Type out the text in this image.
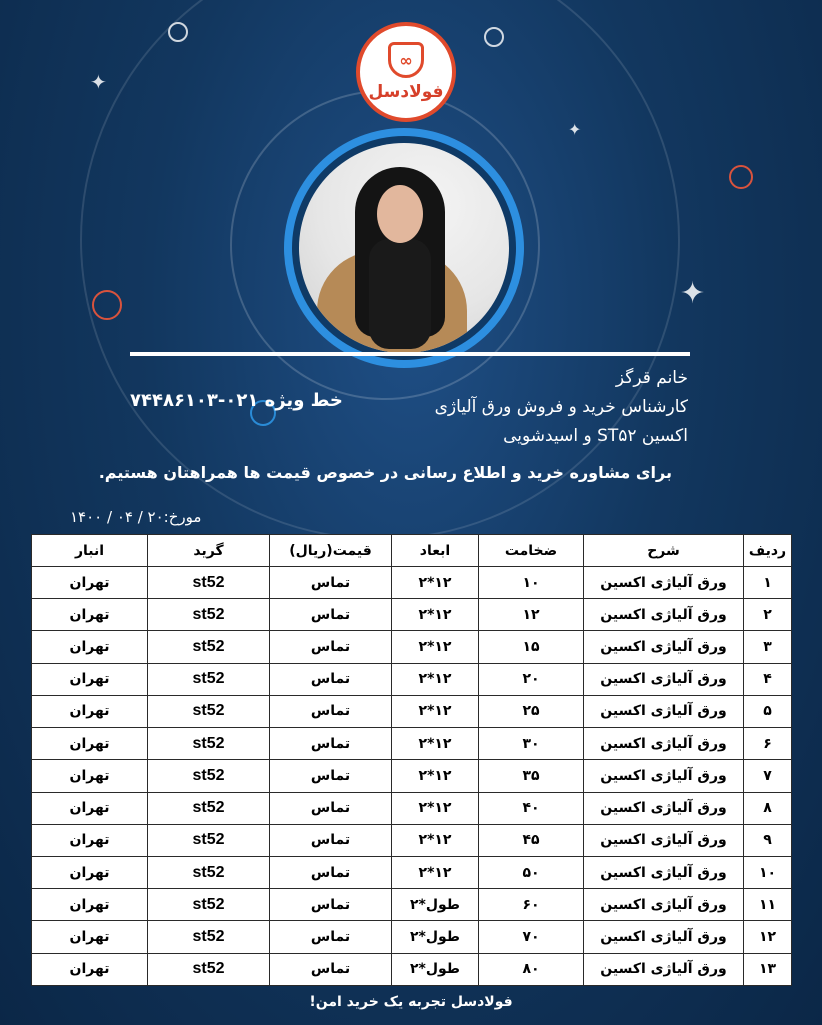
✦
✦
✦
∞
فولادسل
خانم قرگز
کارشناس خرید و فروش ورق آلیاژی
اکسین ST۵۲ و اسیدشویی
خط ویژه ۰۲۱-۷۴۴۸۶۱۰۳
برای مشاوره خرید و اطلاع رسانی در خصوص قیمت ها همراهتان هستیم.
مورخ:۲۰ / ۰۴ / ۱۴۰۰
ردیف	شرح	ضخامت	ابعاد	قیمت(ریال)	گرید	انبار
۱	ورق آلیاژی اکسین	۱۰	۱۲*۲	تماس	st52	تهران
۲	ورق آلیاژی اکسین	۱۲	۱۲*۲	تماس	st52	تهران
۳	ورق آلیاژی اکسین	۱۵	۱۲*۲	تماس	st52	تهران
۴	ورق آلیاژی اکسین	۲۰	۱۲*۲	تماس	st52	تهران
۵	ورق آلیاژی اکسین	۲۵	۱۲*۲	تماس	st52	تهران
۶	ورق آلیاژی اکسین	۳۰	۱۲*۲	تماس	st52	تهران
۷	ورق آلیاژی اکسین	۳۵	۱۲*۲	تماس	st52	تهران
۸	ورق آلیاژی اکسین	۴۰	۱۲*۲	تماس	st52	تهران
۹	ورق آلیاژی اکسین	۴۵	۱۲*۲	تماس	st52	تهران
۱۰	ورق آلیاژی اکسین	۵۰	۱۲*۲	تماس	st52	تهران
۱۱	ورق آلیاژی اکسین	۶۰	طول*۲	تماس	st52	تهران
۱۲	ورق آلیاژی اکسین	۷۰	طول*۲	تماس	st52	تهران
۱۳	ورق آلیاژی اکسین	۸۰	طول*۲	تماس	st52	تهران
فولادسل تجربه یک خرید امن!
